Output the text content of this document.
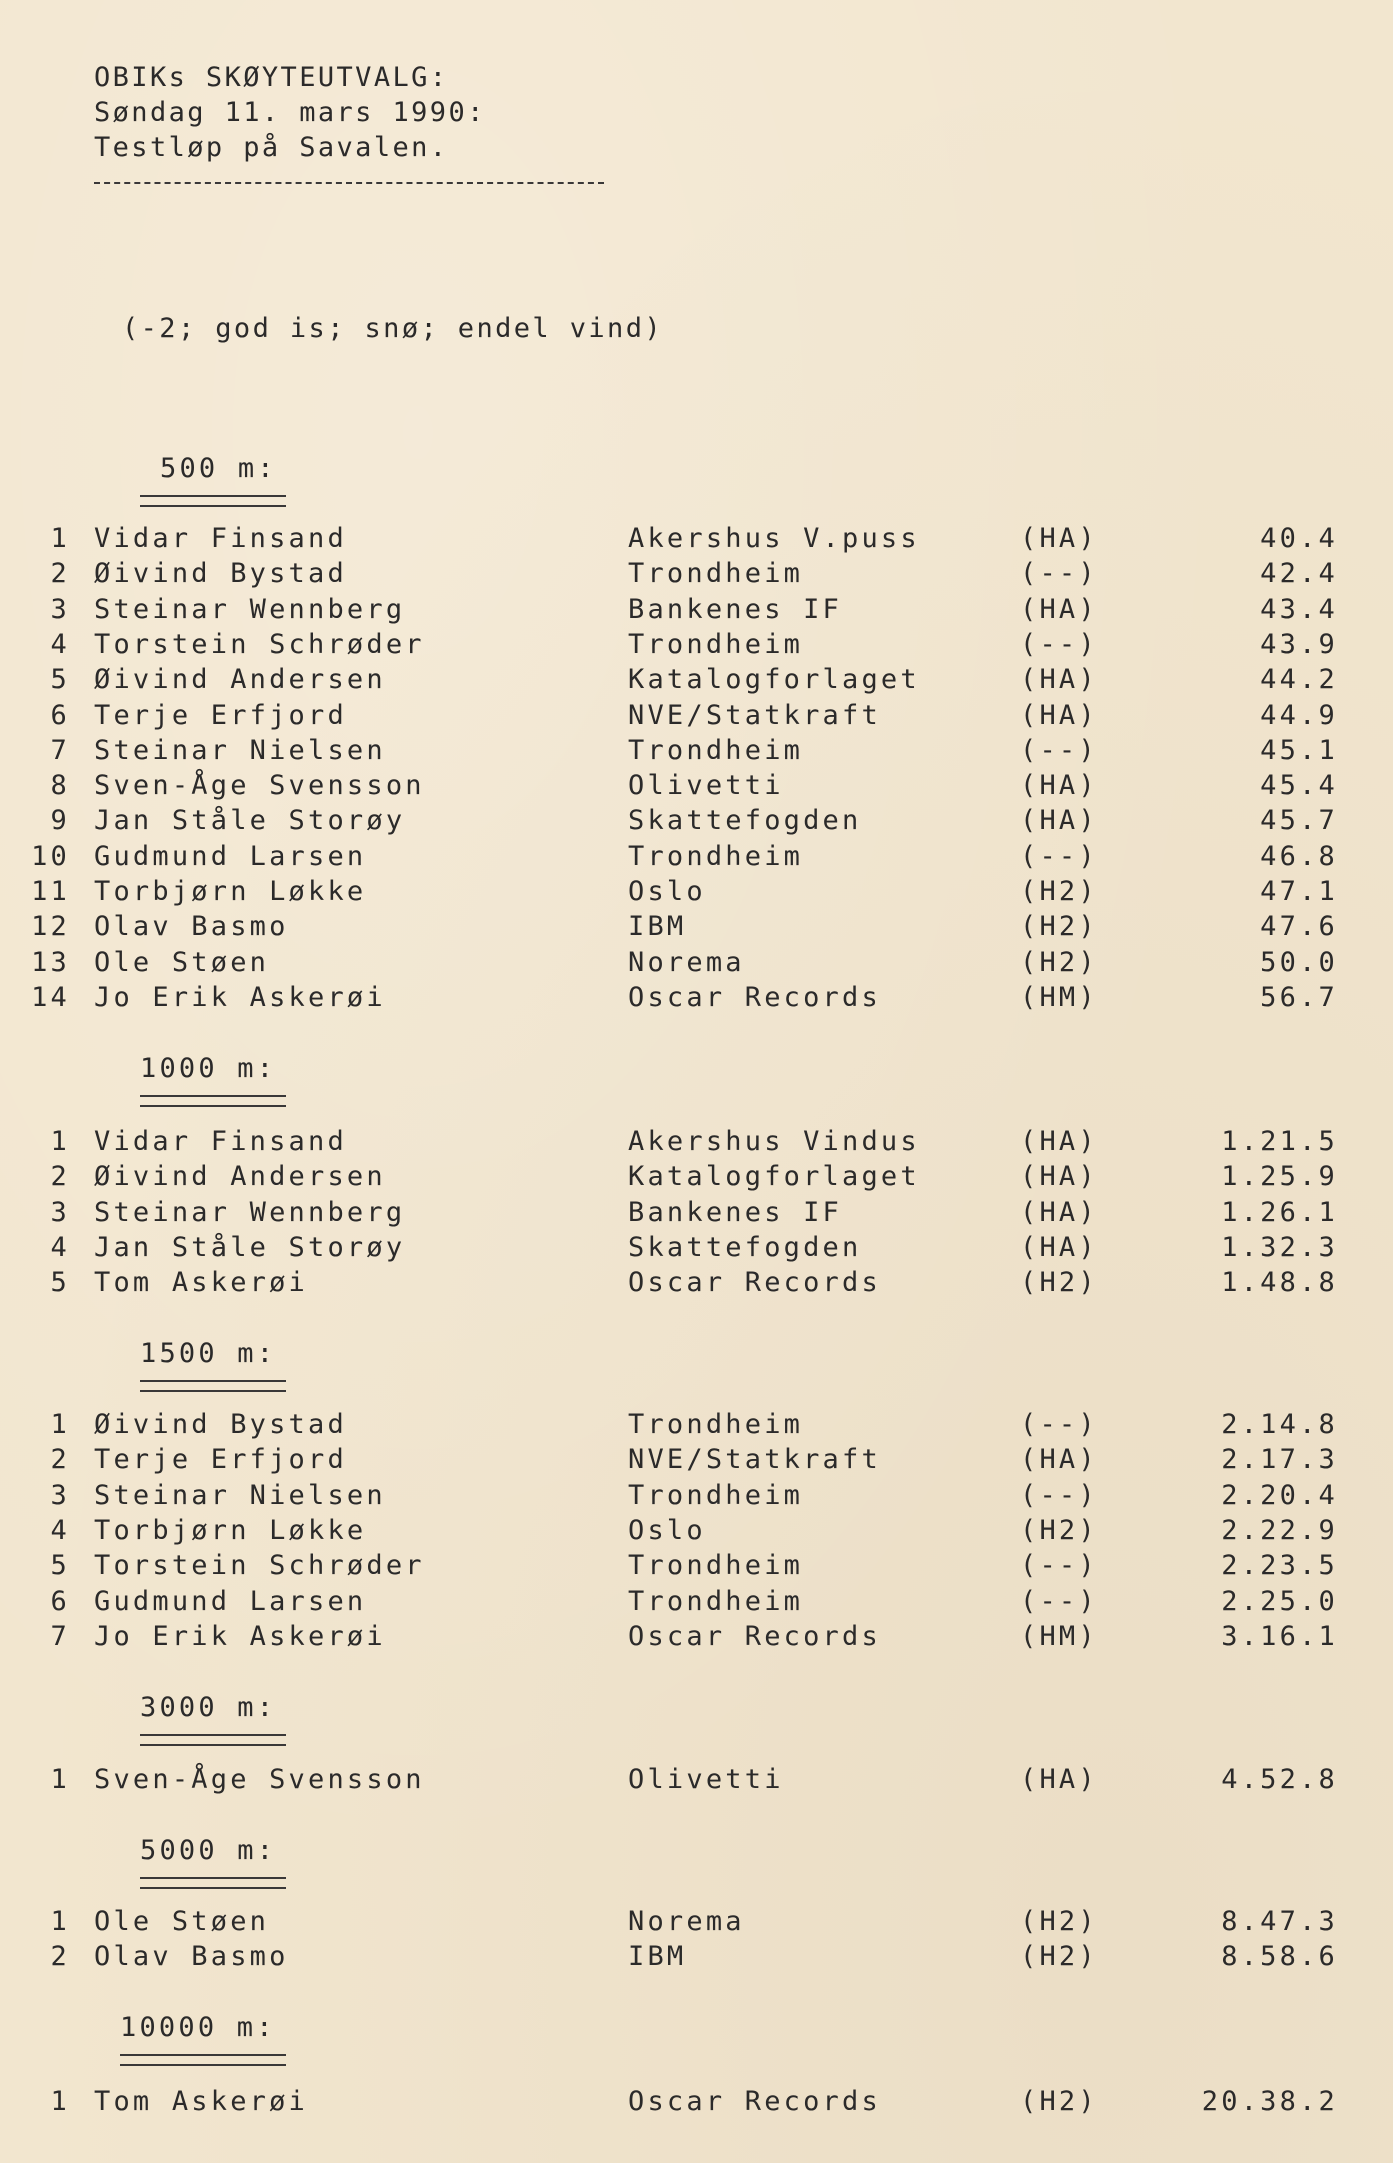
OBIKs SKØYTEUTVALG:
Søndag 11. mars 1990:
Testløp på Savalen.
(-2; god is; snø; endel vind)
500 m:
1 Vidar Finsand	Akershus V.puss	(HA)	40.4
2 Øivind Bystad	Trondheim	(--)	42.4
3 Steinar Wennberg	Bankenes IF	(HA)	43.4
4 Torstein Schrøder	Trondheim	(--)	43.9
5 Øivind Andersen	Katalogforlaget	(HA)	44.2
6 Terje Erfjord	NVE/Statkraft	(HA)	44.9
7 Steinar Nielsen	Trondheim	(--)	45.1
8 Sven-Åge Svensson	Olivetti	(HA)	45.4
9 Jan Ståle Storøy	Skattefogden	(HA)	45.7
10 Gudmund Larsen	Trondheim	(--)	46.8
11 Torbjørn Løkke	Oslo	(H2)	47.1
12 Olav Basmo	IBM	(H2)	47.6
13 Ole Støen	Norema	(H2)	50.0
14 Jo Erik Askerøi	Oscar Records	(HM)	56.7
1000 m:
1 Vidar Finsand	Akershus Vindus	(HA)	1.21.5
2 Øivind Andersen	Katalogforlaget	(HA)	1.25.9
3 Steinar Wennberg	Bankenes IF	(HA)	1.26.1
4 Jan Ståle Storøy	Skattefogden	(HA)	1.32.3
5 Tom Askerøi	Oscar Records	(H2)	1.48.8
1500 m:
1 Øivind Bystad	Trondheim	(--)	2.14.8
2 Terje Erfjord	NVE/Statkraft	(HA)	2.17.3
3 Steinar Nielsen	Trondheim	(--)	2.20.4
4 Torbjørn Løkke	Oslo	(H2)	2.22.9
5 Torstein Schrøder	Trondheim	(--)	2.23.5
6 Gudmund Larsen	Trondheim	(--)	2.25.0
7 Jo Erik Askerøi	Oscar Records	(HM)	3.16.1
3000 m:
1 Sven-Åge Svensson	Olivetti	(HA)	4.52.8
5000 m:
1 Ole Støen	Norema	(H2)	8.47.3
2 Olav Basmo	IBM	(H2)	8.58.6
10000 m:
1 Tom Askerøi	Oscar Records	(H2)	20.38.2
